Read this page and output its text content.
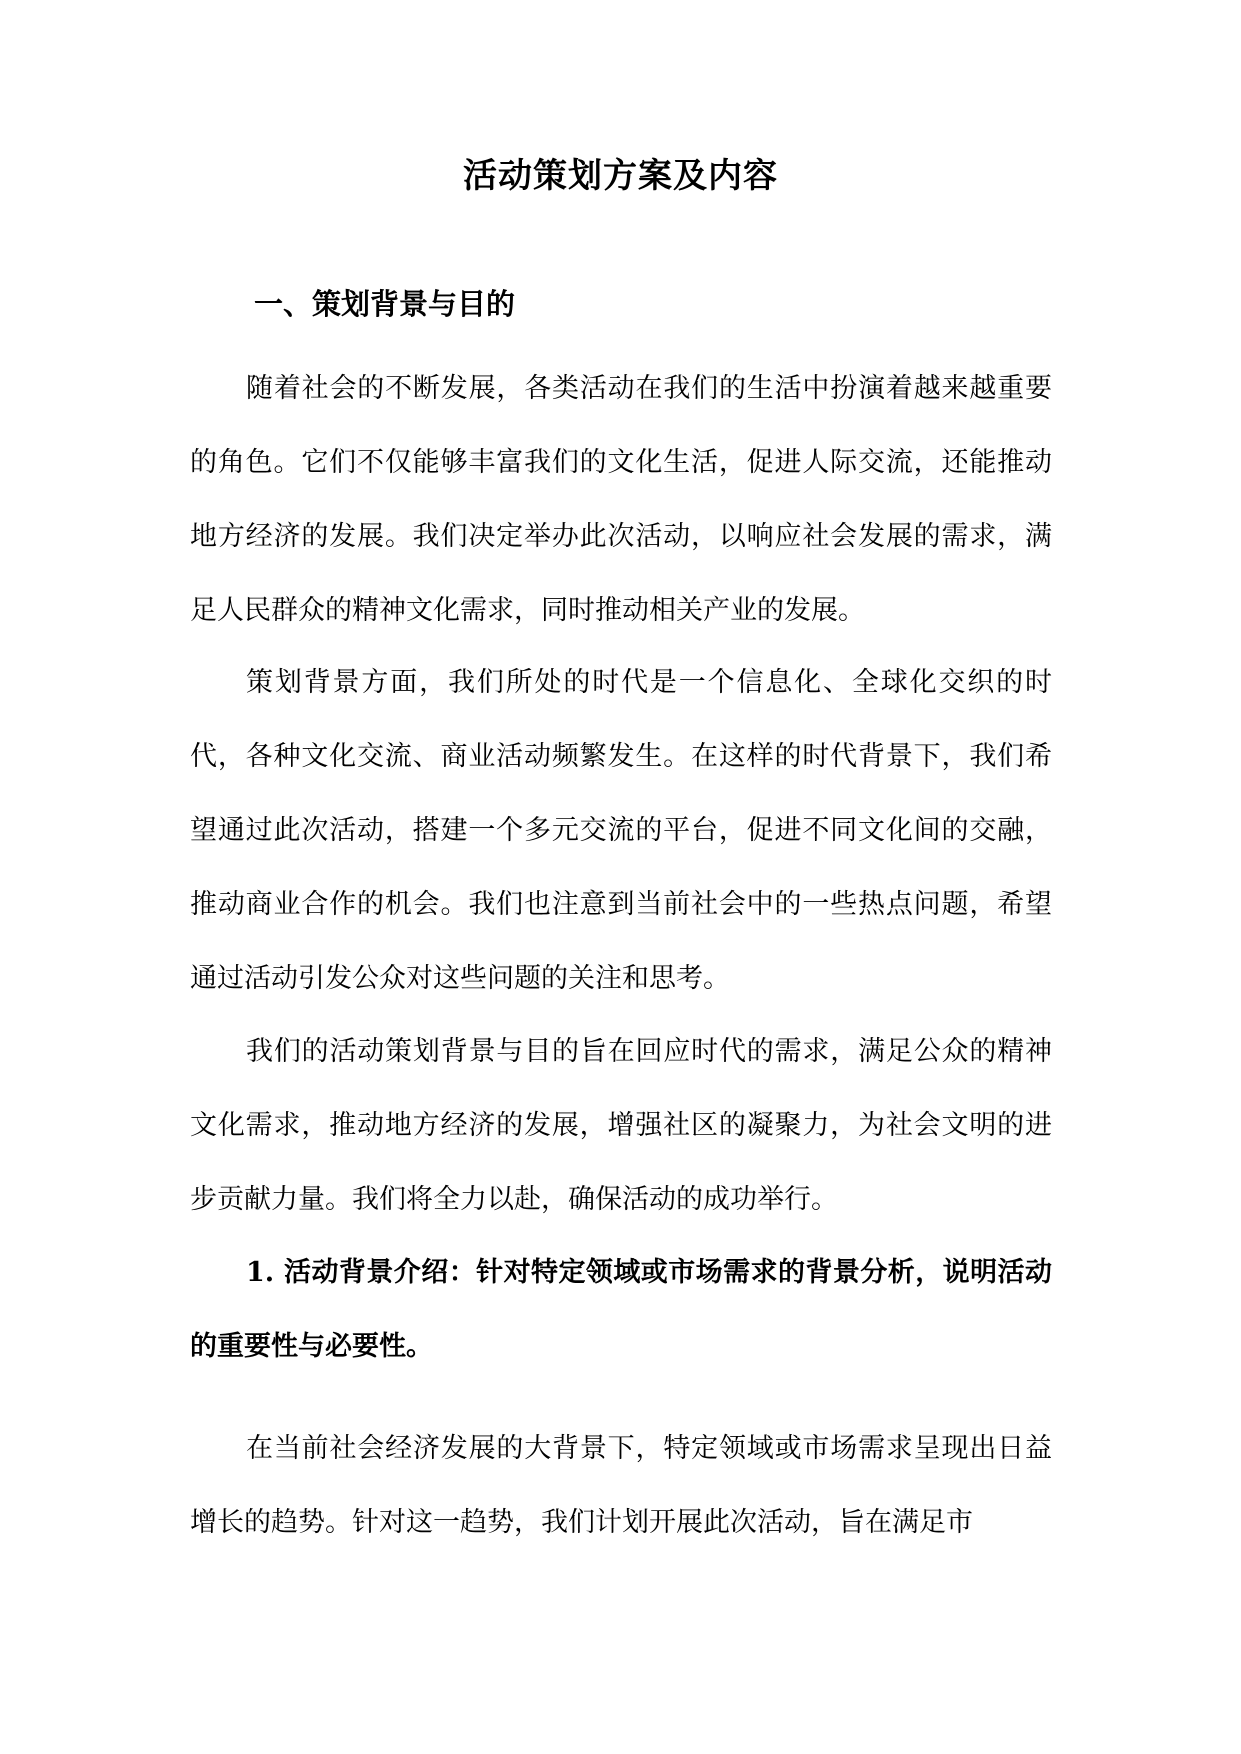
活动策划方案及内容
一、策划背景与目的
随着社会的不断发展，各类活动在我们的生活中扮演着越来越重要的角色。它们不仅能够丰富我们的文化生活，促进人际交流，还能推动地方经济的发展。我们决定举办此次活动，以响应社会发展的需求，满足人民群众的精神文化需求，同时推动相关产业的发展。
策划背景方面，我们所处的时代是一个信息化、全球化交织的时代，各种文化交流、商业活动频繁发生。在这样的时代背景下，我们希望通过此次活动，搭建一个多元交流的平台，促进不同文化间的交融，推动商业合作的机会。我们也注意到当前社会中的一些热点问题，希望通过活动引发公众对这些问题的关注和思考。
我们的活动策划背景与目的旨在回应时代的需求，满足公众的精神文化需求，推动地方经济的发展，增强社区的凝聚力，为社会文明的进步贡献力量。我们将全力以赴，确保活动的成功举行。
1. 活动背景介绍：针对特定领域或市场需求的背景分析，说明活动的重要性与必要性。
在当前社会经济发展的大背景下，特定领域或市场需求呈现出日益增长的趋势。针对这一趋势，我们计划开展此次活动，旨在满足市
